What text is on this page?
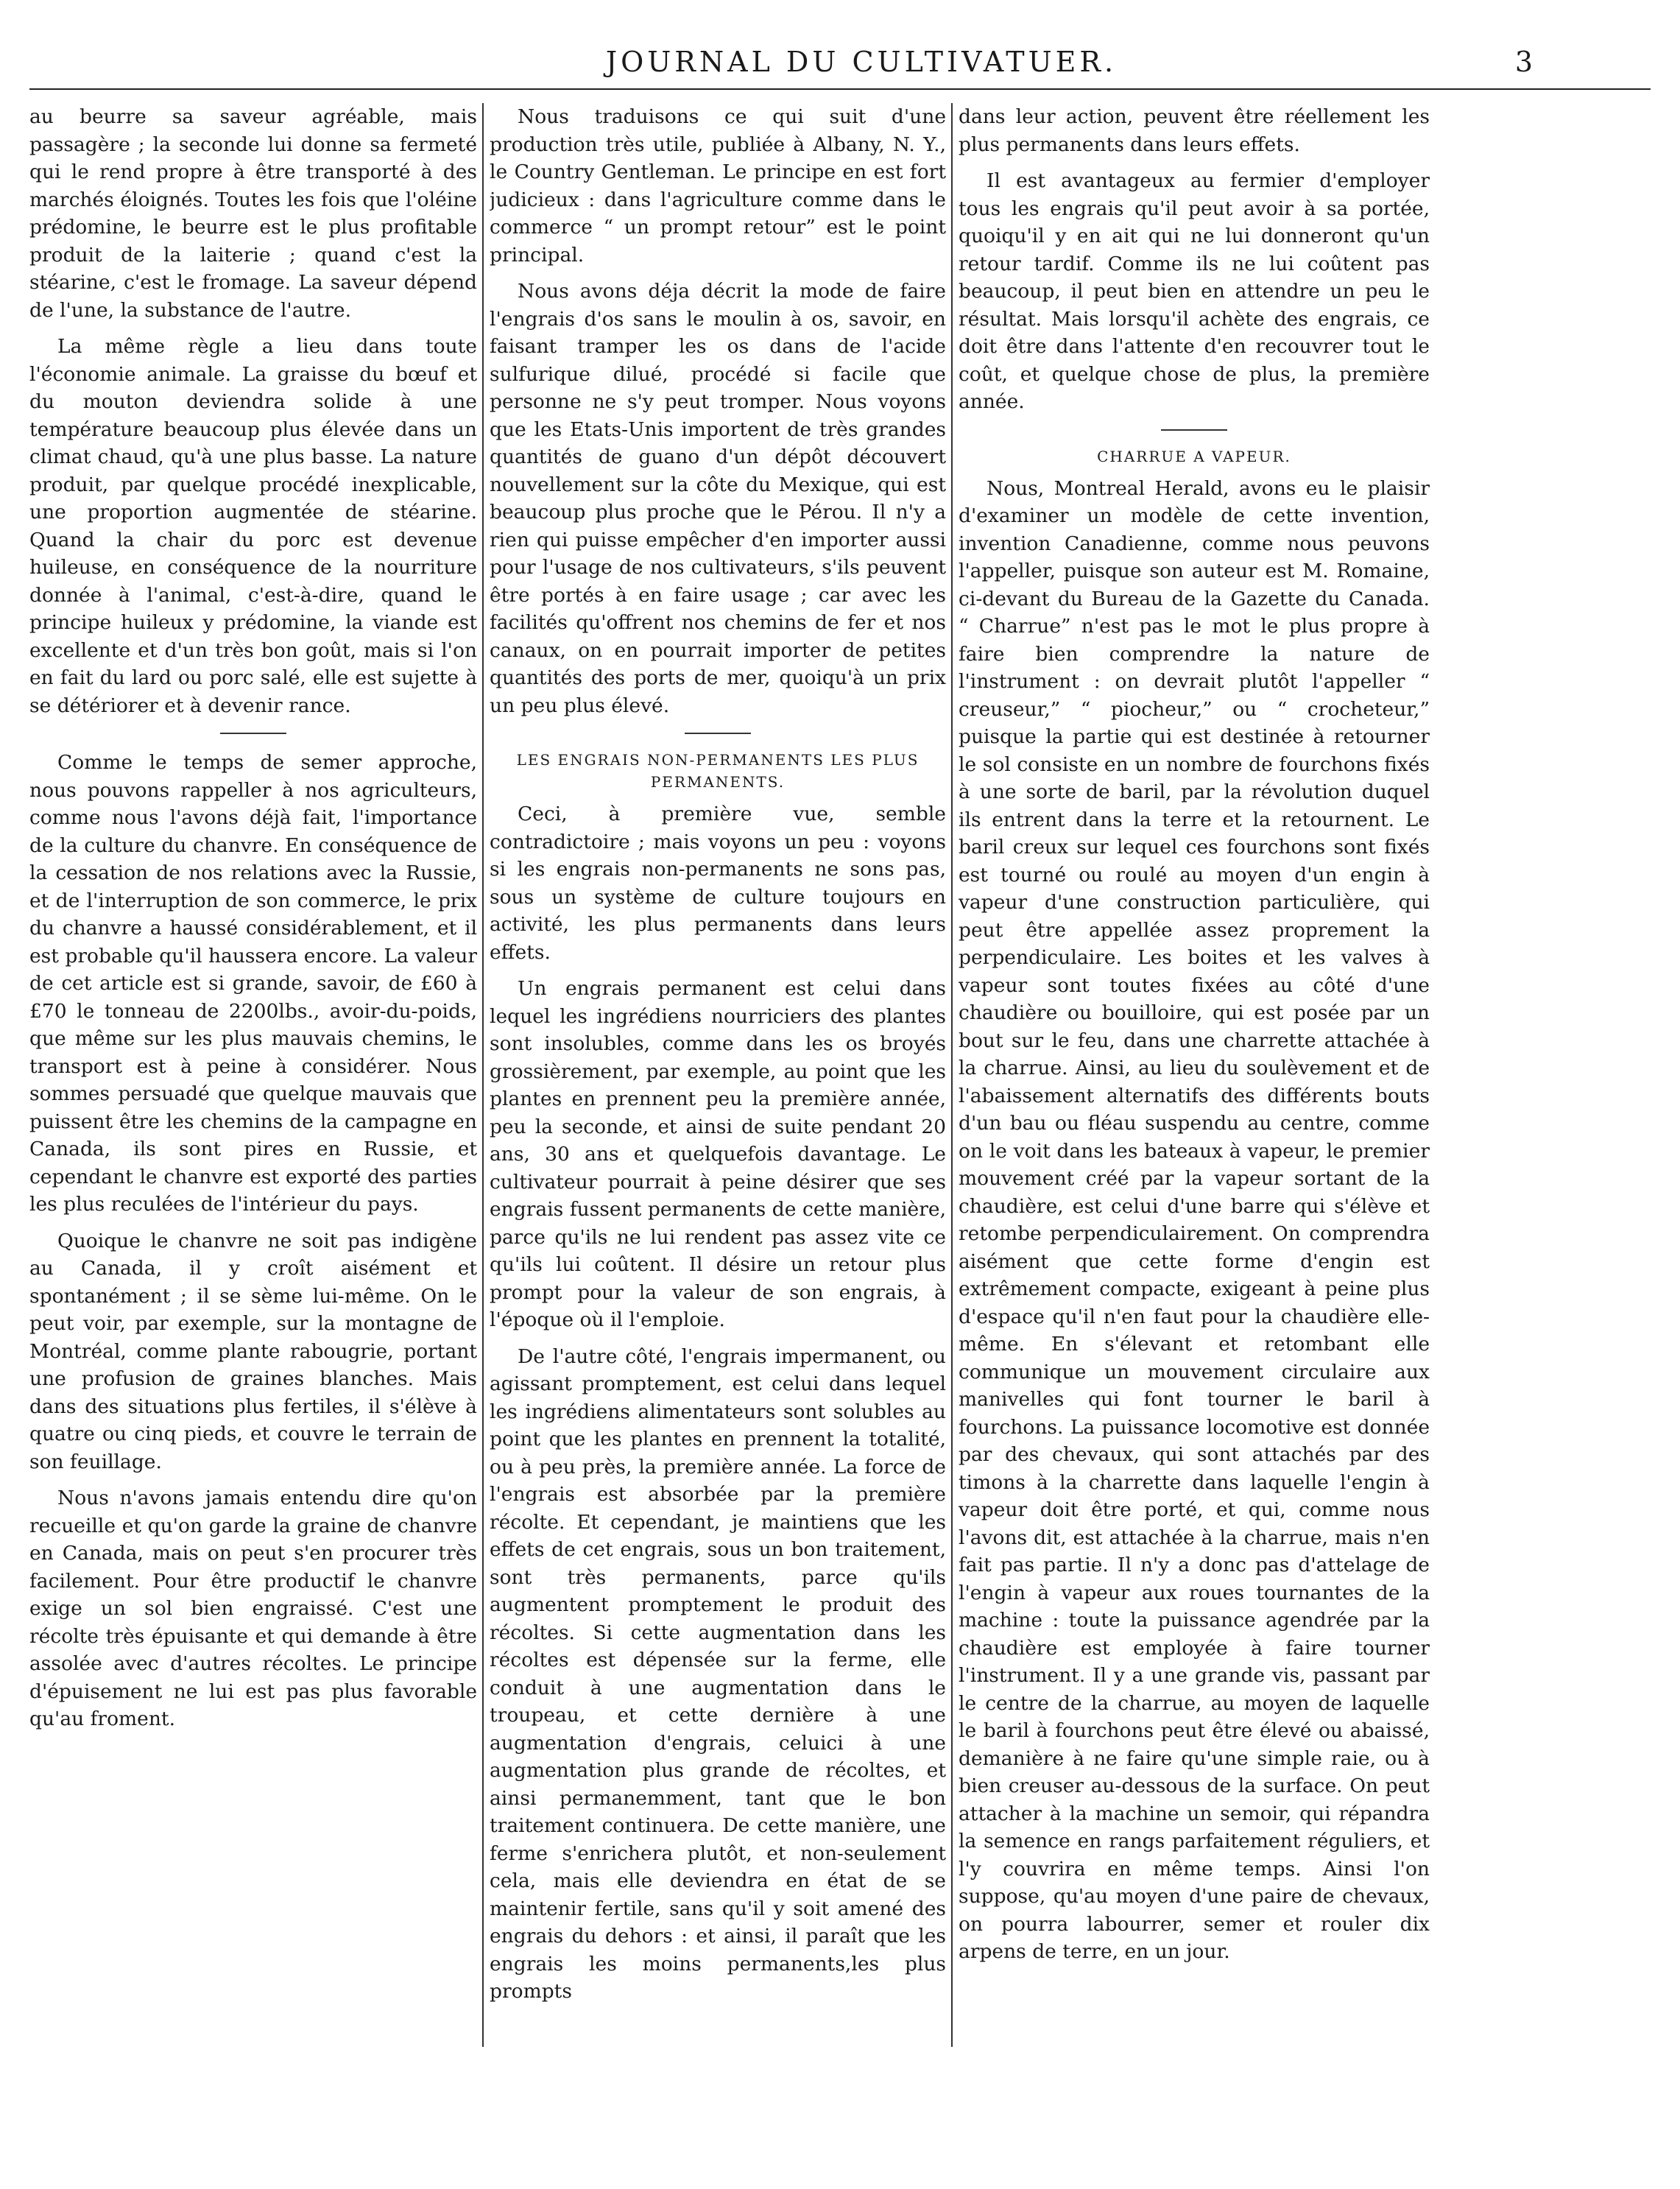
JOURNAL DU CULTIVATUER.	3

au beurre sa saveur agréable, mais passagère ; la seconde lui donne sa fermeté qui le rend propre à être transporté à des marchés éloignés. Toutes les fois que l'oléine prédomine, le beurre est le plus profitable produit de la laiterie ; quand c'est la stéarine, c'est le fromage. La saveur dépend de l'une, la substance de l'autre.

La même règle a lieu dans toute l'économie animale. La graisse du bœuf et du mouton deviendra solide à une température beaucoup plus élevée dans un climat chaud, qu'à une plus basse. La nature produit, par quelque procédé inexplicable, une proportion augmentée de stéarine. Quand la chair du porc est devenue huileuse, en conséquence de la nourriture donnée à l'animal, c'est-à-dire, quand le principe huileux y prédomine, la viande est excellente et d'un très bon goût, mais si l'on en fait du lard ou porc salé, elle est sujette à se détériorer et à devenir rance.

Comme le temps de semer approche, nous pouvons rappeller à nos agriculteurs, comme nous l'avons déjà fait, l'importance de la culture du chanvre. En conséquence de la cessation de nos relations avec la Russie, et de l'interruption de son commerce, le prix du chanvre a haussé considérablement, et il est probable qu'il haussera encore. La valeur de cet article est si grande, savoir, de £60 à £70 le tonneau de 2200lbs., avoir-du-poids, que même sur les plus mauvais chemins, le transport est à peine à considérer. Nous sommes persuadé que quelque mauvais que puissent être les chemins de la campagne en Canada, ils sont pires en Russie, et cependant le chanvre est exporté des parties les plus reculées de l'intérieur du pays.

Quoique le chanvre ne soit pas indigène au Canada, il y croît aisément et spontanément ; il se sème lui-même. On le peut voir, par exemple, sur la montagne de Montréal, comme plante rabougrie, portant une profusion de graines blanches. Mais dans des situations plus fertiles, il s'élève à quatre ou cinq pieds, et couvre le terrain de son feuillage.

Nous n'avons jamais entendu dire qu'on recueille et qu'on garde la graine de chanvre en Canada, mais on peut s'en procurer très facilement. Pour être productif le chanvre exige un sol bien engraissé. C'est une récolte très épuisante et qui demande à être assolée avec d'autres récoltes. Le principe d'épuisement ne lui est pas plus favorable qu'au froment.

Nous traduisons ce qui suit d'une production très utile, publiée à Albany, N. Y., le Country Gentleman. Le principe en est fort judicieux : dans l'agriculture comme dans le commerce “ un prompt retour” est le point principal.

Nous avons déja décrit la mode de faire l'engrais d'os sans le moulin à os, savoir, en faisant tramper les os dans de l'acide sulfurique dilué, procédé si facile que personne ne s'y peut tromper. Nous voyons que les Etats-Unis importent de très grandes quantités de guano d'un dépôt découvert nouvellement sur la côte du Mexique, qui est beaucoup plus proche que le Pérou. Il n'y a rien qui puisse empêcher d'en importer aussi pour l'usage de nos cultivateurs, s'ils peuvent être portés à en faire usage ; car avec les facilités qu'offrent nos chemins de fer et nos canaux, on en pourrait importer de petites quantités des ports de mer, quoiqu'à un prix un peu plus élevé.

LES ENGRAIS NON-PERMANENTS LES PLUS PERMANENTS.

Ceci, à première vue, semble contradictoire ; mais voyons un peu : voyons si les engrais non-permanents ne sons pas, sous un système de culture toujours en activité, les plus permanents dans leurs effets.

Un engrais permanent est celui dans lequel les ingrédiens nourriciers des plantes sont insolubles, comme dans les os broyés grossièrement, par exemple, au point que les plantes en prennent peu la première année, peu la seconde, et ainsi de suite pendant 20 ans, 30 ans et quelquefois davantage. Le cultivateur pourrait à peine désirer que ses engrais fussent permanents de cette manière, parce qu'ils ne lui rendent pas assez vite ce qu'ils lui coûtent. Il désire un retour plus prompt pour la valeur de son engrais, à l'époque où il l'emploie.

De l'autre côté, l'engrais impermanent, ou agissant promptement, est celui dans lequel les ingrédiens alimentateurs sont solubles au point que les plantes en prennent la totalité, ou à peu près, la première année. La force de l'engrais est absorbée par la première récolte. Et cependant, je maintiens que les effets de cet engrais, sous un bon traitement, sont très permanents, parce qu'ils augmentent promptement le produit des récoltes. Si cette augmentation dans les récoltes est dépensée sur la ferme, elle conduit à une augmentation dans le troupeau, et cette dernière à une augmentation d'engrais, celuici à une augmentation plus grande de récoltes, et ainsi permanemment, tant que le bon traitement continuera. De cette manière, une ferme s'enrichera plutôt, et non-seulement cela, mais elle deviendra en état de se maintenir fertile, sans qu'il y soit amené des engrais du dehors : et ainsi, il paraît que les engrais les moins permanents,les plus prompts

dans leur action, peuvent être réellement les plus permanents dans leurs effets.

Il est avantageux au fermier d'employer tous les engrais qu'il peut avoir à sa portée, quoiqu'il y en ait qui ne lui donneront qu'un retour tardif. Comme ils ne lui coûtent pas beaucoup, il peut bien en attendre un peu le résultat. Mais lorsqu'il achète des engrais, ce doit être dans l'attente d'en recouvrer tout le coût, et quelque chose de plus, la première année.

CHARRUE A VAPEUR.

Nous, Montreal Herald, avons eu le plaisir d'examiner un modèle de cette invention, invention Canadienne, comme nous peuvons l'appeller, puisque son auteur est M. Romaine, ci-devant du Bureau de la Gazette du Canada. “ Charrue” n'est pas le mot le plus propre à faire bien comprendre la nature de l'instrument : on devrait plutôt l'appeller “ creuseur,” “ piocheur,” ou “ crocheteur,” puisque la partie qui est destinée à retourner le sol consiste en un nombre de fourchons fixés à une sorte de baril, par la révolution duquel ils entrent dans la terre et la retournent. Le baril creux sur lequel ces fourchons sont fixés est tourné ou roulé au moyen d'un engin à vapeur d'une construction particulière, qui peut être appellée assez proprement la perpendiculaire. Les boites et les valves à vapeur sont toutes fixées au côté d'une chaudière ou bouilloire, qui est posée par un bout sur le feu, dans une charrette attachée à la charrue. Ainsi, au lieu du soulèvement et de l'abaissement alternatifs des différents bouts d'un bau ou fléau suspendu au centre, comme on le voit dans les bateaux à vapeur, le premier mouvement créé par la vapeur sortant de la chaudière, est celui d'une barre qui s'élève et retombe perpendiculairement. On comprendra aisément que cette forme d'engin est extrêmement compacte, exigeant à peine plus d'espace qu'il n'en faut pour la chaudière elle-même. En s'élevant et retombant elle communique un mouvement circulaire aux manivelles qui font tourner le baril à fourchons. La puissance locomotive est donnée par des chevaux, qui sont attachés par des timons à la charrette dans laquelle l'engin à vapeur doit être porté, et qui, comme nous l'avons dit, est attachée à la charrue, mais n'en fait pas partie. Il n'y a donc pas d'attelage de l'engin à vapeur aux roues tournantes de la machine : toute la puissance agendrée par la chaudière est employée à faire tourner l'instrument. Il y a une grande vis, passant par le centre de la charrue, au moyen de laquelle le baril à fourchons peut être élevé ou abaissé, demanière à ne faire qu'une simple raie, ou à bien creuser au-dessous de la surface. On peut attacher à la machine un semoir, qui répandra la semence en rangs parfaitement réguliers, et l'y couvrira en même temps. Ainsi l'on suppose, qu'au moyen d'une paire de chevaux, on pourra labourrer, semer et rouler dix arpens de terre, en un jour.
